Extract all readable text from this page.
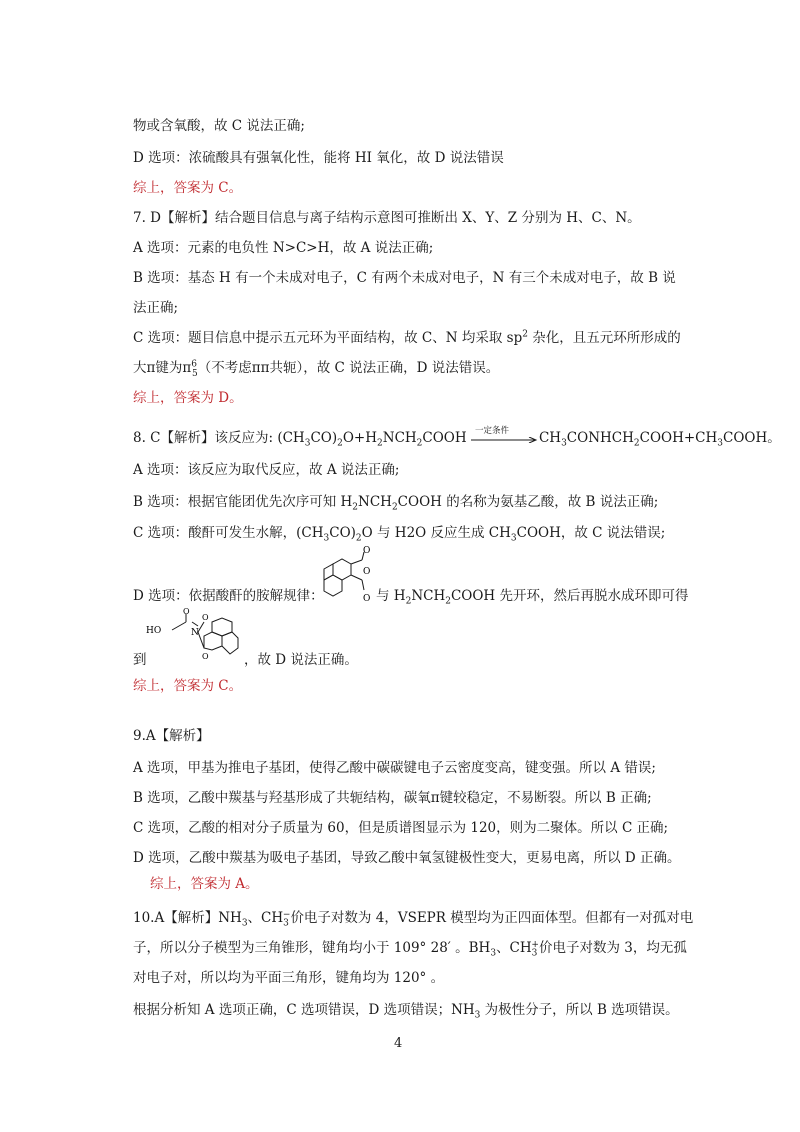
物或含氧酸，故 C 说法正确;
D 选项：浓硫酸具有强氧化性，能将 HI 氧化，故 D 说法错误
综上，答案为 C。
7. D【解析】结合题目信息与离子结构示意图可推断出 X、Y、Z 分别为 H、C、N。
A 选项：元素的电负性 N>C>H，故 A 说法正确;
B 选项：基态 H 有一个未成对电子，C 有两个未成对电子，N 有三个未成对电子，故 B 说
法正确;
C 选项：题目信息中提示五元环为平面结构，故 C、N 均采取 $sp^2$ 杂化，且五元环所形成的
大π键为$\pi^6_5$（不考虑ππ共轭），故 C 说法正确，D 说法错误。
综上，答案为 D。
8. C【解析】该反应为: $(CH_3CO)_2O+H_2NCH_2COOH$ 一定条件 $CH_3CONHCH_2COOH+CH_3COOH$。
A 选项：该反应为取代反应，故 A 说法正确;
B 选项：根据官能团优先次序可知 $H_2NCH_2COOH$ 的名称为氨基乙酸，故 B 说法正确;
C 选项：酸酐可发生水解，$(CH_3CO)_2O$ 与 H2O 反应生成 $CH_3COOH$，故 C 说法错误;
D 选项：依据酸酐的胺解规律：
O
O
O 与 $H_2NCH_2COOH$ 先开环，然后再脱水成环即可得
HO
O
N
O
O
到	，故 D 说法正确。
综上，答案为 C。
9.A【解析】
A 选项，甲基为推电子基团，使得乙酸中碳碳键电子云密度变高，键变强。所以 A 错误;
B 选项，乙酸中羰基与羟基形成了共轭结构，碳氧π键较稳定，不易断裂。所以 B 正确;
C 选项，乙酸的相对分子质量为 60，但是质谱图显示为 120，则为二聚体。所以 C 正确;
D 选项，乙酸中羰基为吸电子基团，导致乙酸中氧氢键极性变大，更易电离，所以 D 正确。
综上，答案为 A。
10.A【解析】$NH_3$、$CH_3^-$价电子对数为 4，VSEPR 模型均为正四面体型。但都有一对孤对电
子，所以分子模型为三角锥形，键角均小于 109° 28′ 。$BH_3$、$CH_3^+$价电子对数为 3，均无孤
对电子对，所以均为平面三角形，键角均为 120° 。
根据分析知 A 选项正确，C 选项错误，D 选项错误；$NH_3$ 为极性分子，所以 B 选项错误。
4
